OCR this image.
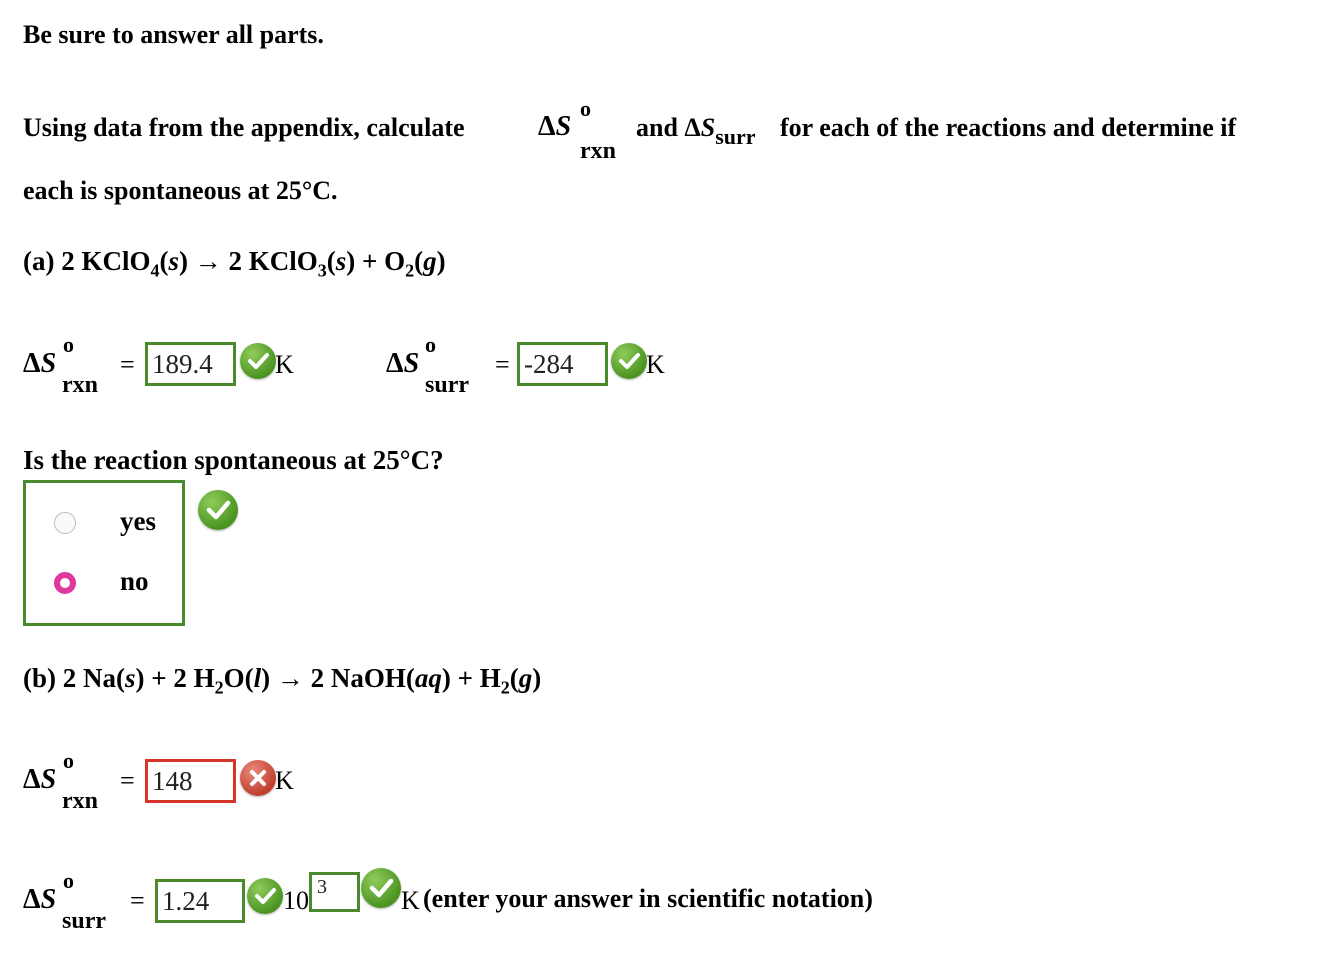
Be sure to answer all parts.
Using data from the appendix, calculate	ΔS
o
rxn
and $\Delta S_{surr}$ for each of the reactions and determine if
each is spontaneous at 25°C.
(a) 2 KClO$_4$(s) → 2 KClO$_3$(s) + $O_2(g)$
ΔS
o
rxn
= 189.4	K	ΔS
o
surr
= -284	K
Is the reaction spontaneous at 25°C?
yes
no
(b) 2 Na(s) + 2 $H_2O(l) \to 2$ NaOH(aq) + $H_2(g)$
ΔS
o
rxn
= 148	K
ΔS
o
surr
= 1.24	10 3	K (enter your answer in scientific notation)
